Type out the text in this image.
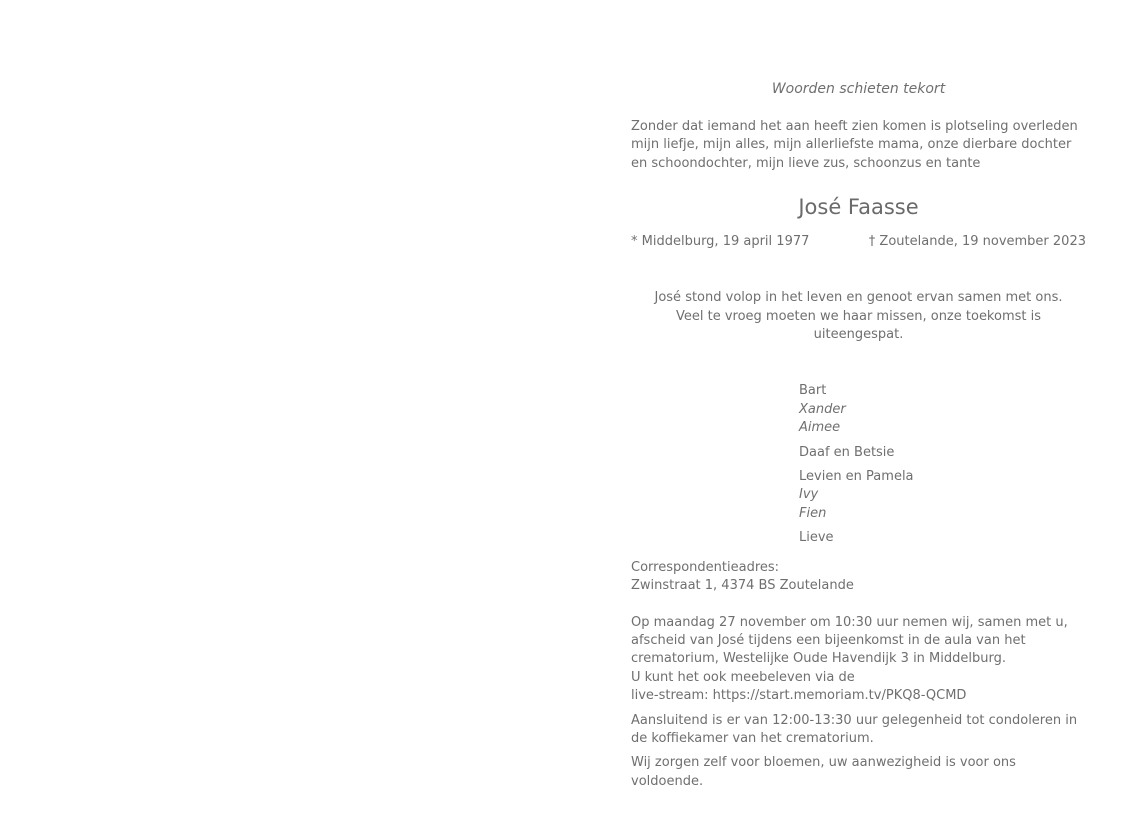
Woorden schieten tekort

Zonder dat iemand het aan heeft zien komen is plotseling overleden mijn liefje, mijn alles, mijn allerliefste mama, onze dierbare dochter en schoondochter, mijn lieve zus, schoonzus en tante

José Faasse
* Middelburg, 19 april 1977	† Zoutelande, 19 november 2023
José stond volop in het leven en genoot ervan samen met ons.
Veel te vroeg moeten we haar missen, onze toekomst is uiteengespat.
Bart
Xander
Aimee
Daaf en Betsie
Levien en Pamela
Ivy
Fien
Lieve
Correspondentieadres:
Zwinstraat 1, 4374 BS Zoutelande
Op maandag 27 november om 10:30 uur nemen wij, samen met u,
afscheid van José tijdens een bijeenkomst in de aula van het
crematorium, Westelijke Oude Havendijk 3 in Middelburg.
U kunt het ook meebeleven via de
live-stream: https://start.memoriam.tv/PKQ8-QCMD

Aansluitend is er van 12:00-13:30 uur gelegenheid tot condoleren in de koffiekamer van het crematorium.

Wij zorgen zelf voor bloemen, uw aanwezigheid is voor ons voldoende.
